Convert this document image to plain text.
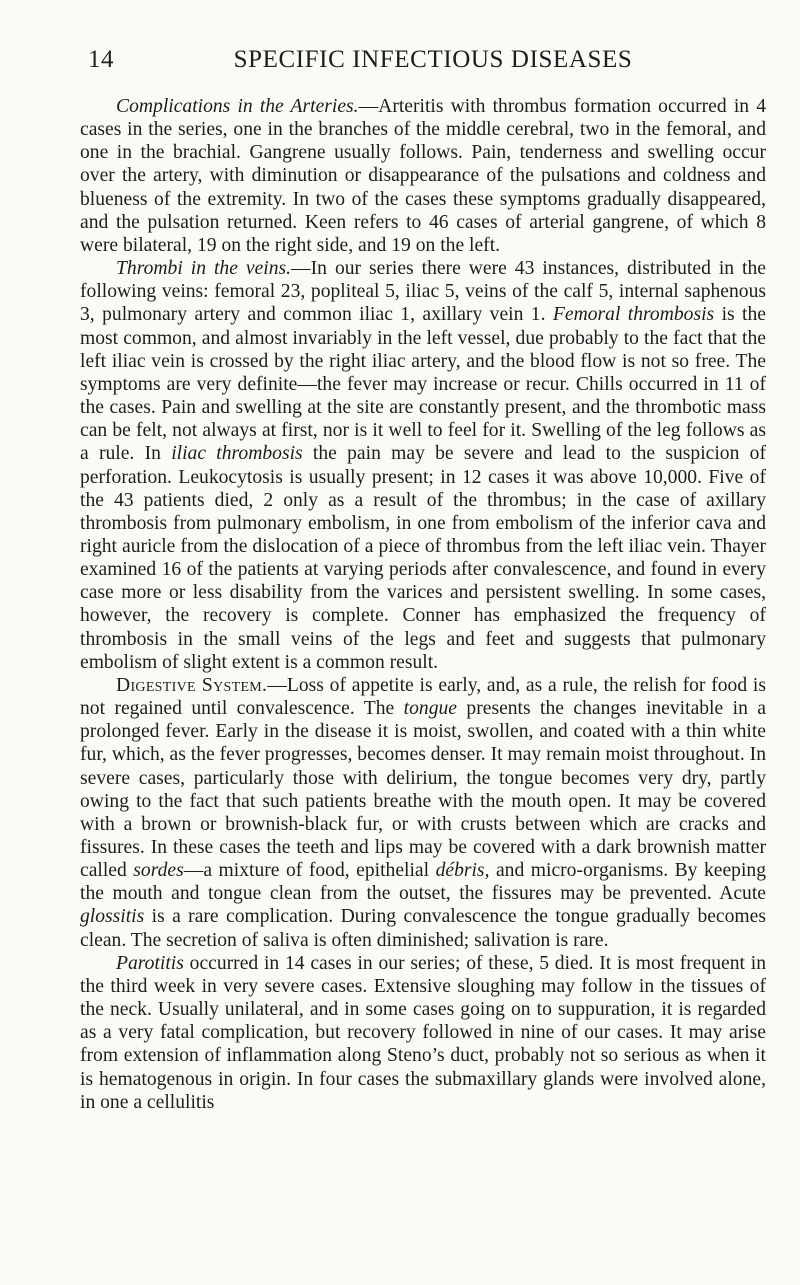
14	SPECIFIC INFECTIOUS DISEASES

Complications in the Arteries.—Arteritis with thrombus formation occurred in 4 cases in the series, one in the branches of the middle cerebral, two in the femoral, and one in the brachial. Gangrene usually follows. Pain, tenderness and swelling occur over the artery, with diminution or disappearance of the pulsations and coldness and blueness of the extremity. In two of the cases these symptoms gradually disappeared, and the pulsation returned. Keen refers to 46 cases of arterial gangrene, of which 8 were bilateral, 19 on the right side, and 19 on the left.

Thrombi in the veins.—In our series there were 43 instances, distributed in the following veins: femoral 23, popliteal 5, iliac 5, veins of the calf 5, internal saphenous 3, pulmonary artery and common iliac 1, axillary vein 1. Femoral thrombosis is the most common, and almost invariably in the left vessel, due probably to the fact that the left iliac vein is crossed by the right iliac artery, and the blood flow is not so free. The symptoms are very definite—the fever may increase or recur. Chills occurred in 11 of the cases. Pain and swelling at the site are constantly present, and the thrombotic mass can be felt, not always at first, nor is it well to feel for it. Swelling of the leg follows as a rule. In iliac thrombosis the pain may be severe and lead to the suspicion of perforation. Leukocytosis is usually present; in 12 cases it was above 10,000. Five of the 43 patients died, 2 only as a result of the thrombus; in the case of axillary thrombosis from pulmonary embolism, in one from embolism of the inferior cava and right auricle from the dislocation of a piece of thrombus from the left iliac vein. Thayer examined 16 of the patients at varying periods after convalescence, and found in every case more or less disability from the varices and persistent swelling. In some cases, however, the recovery is complete. Conner has emphasized the frequency of thrombosis in the small veins of the legs and feet and suggests that pulmonary embolism of slight extent is a common result.

Digestive System.—Loss of appetite is early, and, as a rule, the relish for food is not regained until convalescence. The tongue presents the changes inevitable in a prolonged fever. Early in the disease it is moist, swollen, and coated with a thin white fur, which, as the fever progresses, becomes denser. It may remain moist throughout. In severe cases, particularly those with delirium, the tongue becomes very dry, partly owing to the fact that such patients breathe with the mouth open. It may be covered with a brown or brownish-black fur, or with crusts between which are cracks and fissures. In these cases the teeth and lips may be covered with a dark brownish matter called sordes—a mixture of food, epithelial débris, and micro-organisms. By keeping the mouth and tongue clean from the outset, the fissures may be prevented. Acute glossitis is a rare complication. During convalescence the tongue gradually becomes clean. The secretion of saliva is often diminished; salivation is rare.

Parotitis occurred in 14 cases in our series; of these, 5 died. It is most frequent in the third week in very severe cases. Extensive sloughing may follow in the tissues of the neck. Usually unilateral, and in some cases going on to suppuration, it is regarded as a very fatal complication, but recovery followed in nine of our cases. It may arise from extension of inflammation along Steno’s duct, probably not so serious as when it is hematogenous in origin. In four cases the submaxillary glands were involved alone, in one a cellulitis
